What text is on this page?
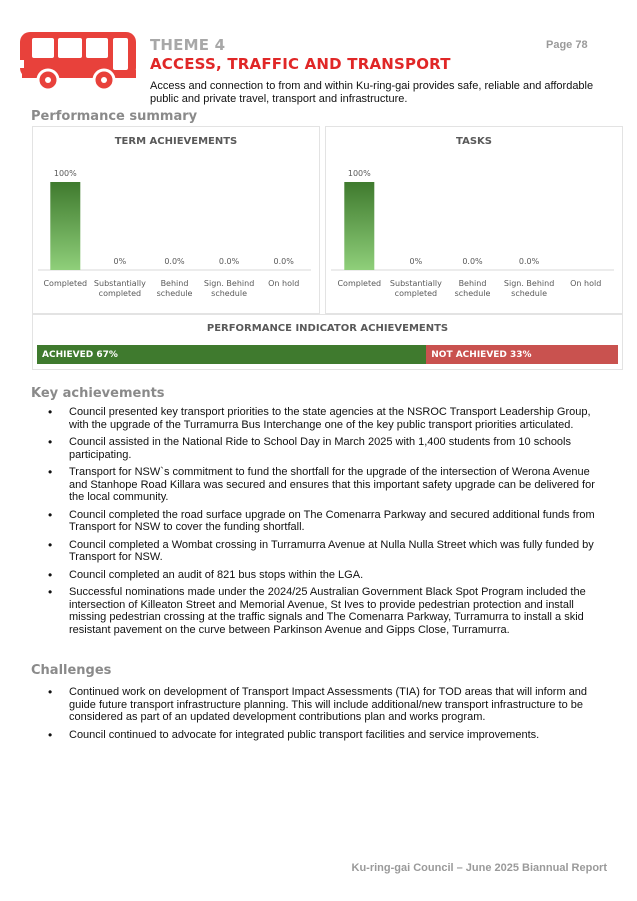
THEME 4	Page 78
ACCESS, TRAFFIC AND TRANSPORT
Access and connection to from and within Ku-ring-gai provides safe, reliable and affordable public and private travel, transport and infrastructure.
Performance summary
TERM ACHIEVEMENTS
100%
Completed
0%
Substantially completed
0.0%
Behind schedule
0.0%
Sign. Behind schedule
0.0%
On hold
TASKS
100%
Completed
0%
Substantially completed
0.0%
Behind schedule
0.0%
Sign. Behind schedule
On hold
PERFORMANCE INDICATOR ACHIEVEMENTS
ACHIEVED 67%	NOT ACHIEVED 33%
Key achievements
• Council presented key transport priorities to the state agencies at the NSROC Transport Leadership Group, with the upgrade of the Turramurra Bus Interchange one of the key public transport priorities articulated.
• Council assisted in the National Ride to School Day in March 2025 with 1,400 students from 10 schools participating.
• Transport for NSW`s commitment to fund the shortfall for the upgrade of the intersection of Werona Avenue and Stanhope Road Killara was secured and ensures that this important safety upgrade can be delivered for the local community.
• Council completed the road surface upgrade on The Comenarra Parkway and secured additional funds from Transport for NSW to cover the funding shortfall.
• Council completed a Wombat crossing in Turramurra Avenue at Nulla Nulla Street which was fully funded by Transport for NSW.
• Council completed an audit of 821 bus stops within the LGA.
• Successful nominations made under the 2024/25 Australian Government Black Spot Program included the intersection of Killeaton Street and Memorial Avenue, St Ives to provide pedestrian protection and install missing pedestrian crossing at the traffic signals and The Comenarra Parkway, Turramurra to install a skid resistant pavement on the curve between Parkinson Avenue and Gipps Close, Turramurra.
Challenges
• Continued work on development of Transport Impact Assessments (TIA) for TOD areas that will inform and guide future transport infrastructure planning. This will include additional/new transport infrastructure to be considered as part of an updated development contributions plan and works program.
• Council continued to advocate for integrated public transport facilities and service improvements.
Ku-ring-gai Council – June 2025 Biannual Report
